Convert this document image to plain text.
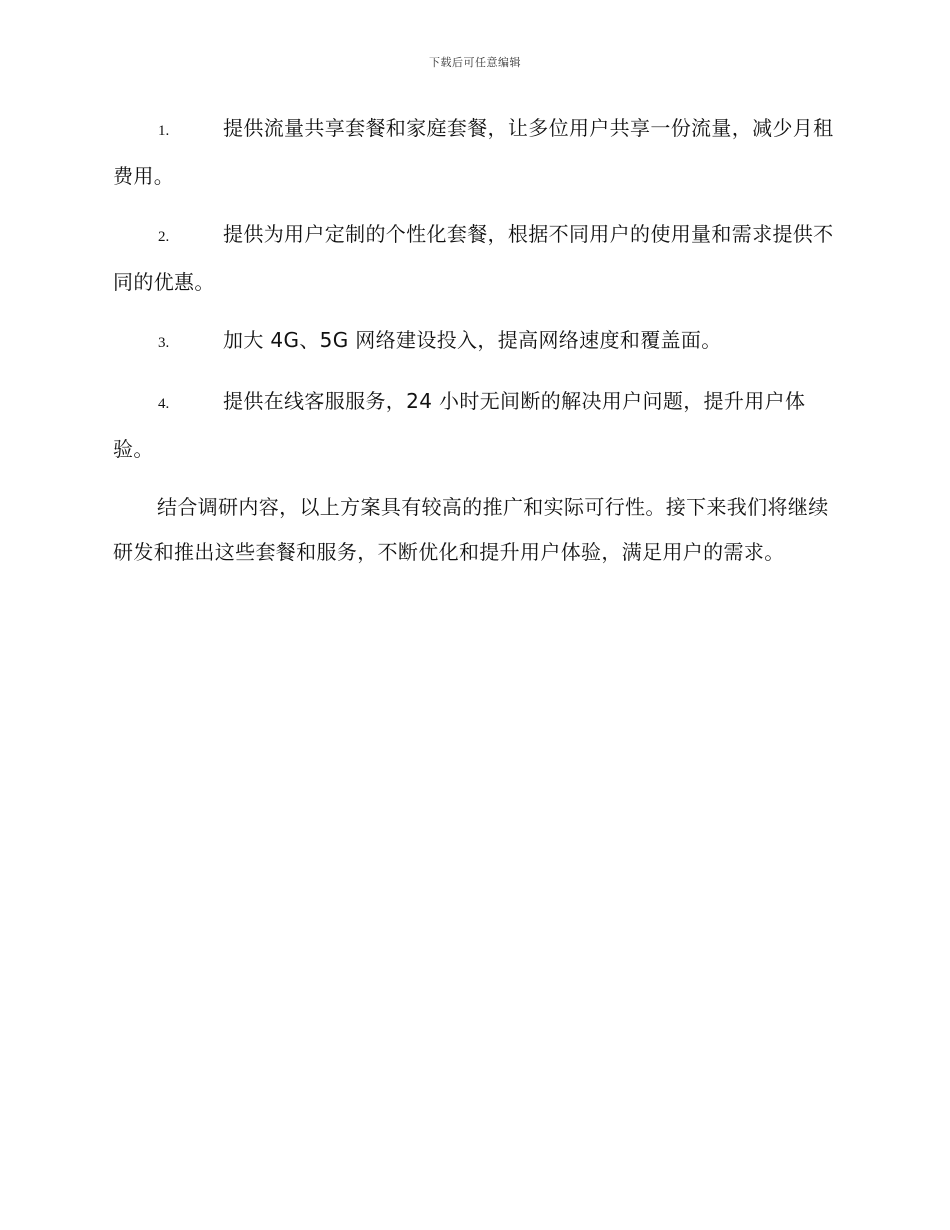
下载后可任意编辑

1.	提供流量共享套餐和家庭套餐，让多位用户共享一份流量，减少月租费用。

2.	提供为用户定制的个性化套餐，根据不同用户的使用量和需求提供不同的优惠。

3.	加大 4G、5G 网络建设投入，提高网络速度和覆盖面。

4.	提供在线客服服务，24 小时无间断的解决用户问题，提升用户体验。

结合调研内容，以上方案具有较高的推广和实际可行性。接下来我们将继续研发和推出这些套餐和服务，不断优化和提升用户体验，满足用户的需求。
